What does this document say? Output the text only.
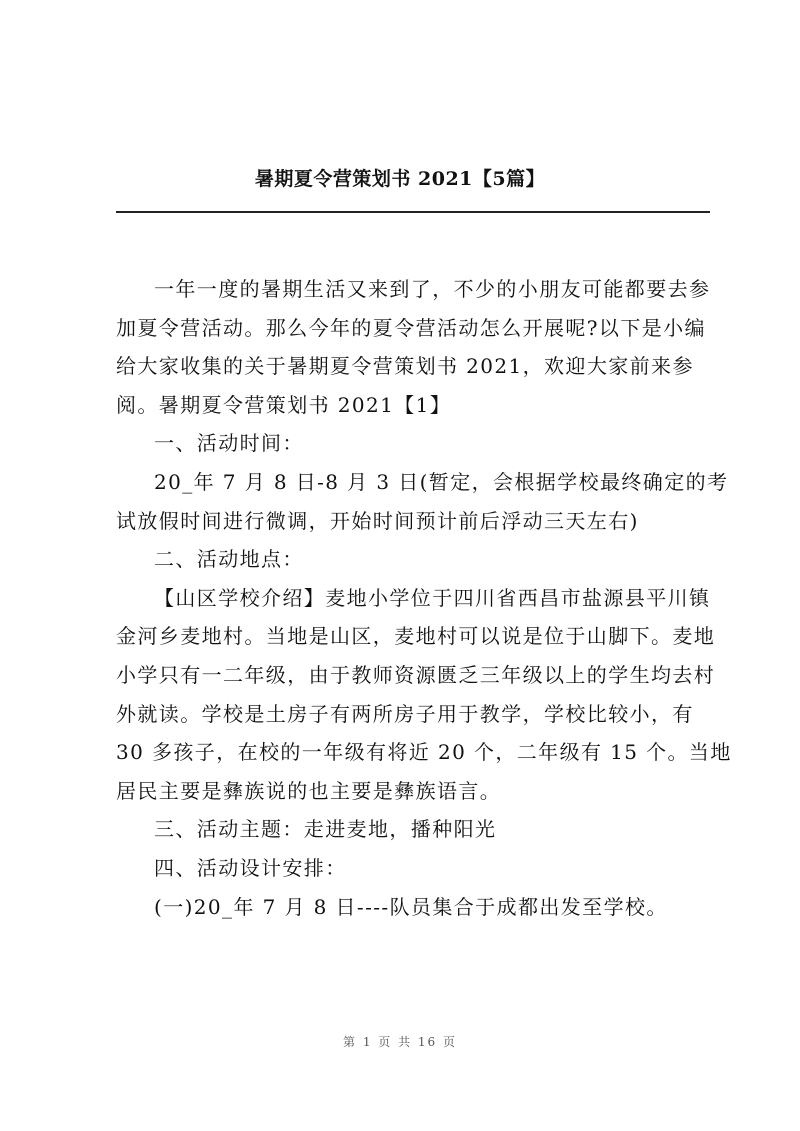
暑期夏令营策划书 2021【5篇】
一年一度的暑期生活又来到了，不少的小朋友可能都要去参
加夏令营活动。那么今年的夏令营活动怎么开展呢?以下是小编
给大家收集的关于暑期夏令营策划书 2021，欢迎大家前来参
阅。暑期夏令营策划书 2021【1】
一、活动时间：
20_年 7 月 8 日-8 月 3 日(暂定，会根据学校最终确定的考
试放假时间进行微调，开始时间预计前后浮动三天左右)
二、活动地点：
【山区学校介绍】麦地小学位于四川省西昌市盐源县平川镇
金河乡麦地村。当地是山区，麦地村可以说是位于山脚下。麦地
小学只有一二年级，由于教师资源匮乏三年级以上的学生均去村
外就读。学校是土房子有两所房子用于教学，学校比较小，有
30 多孩子，在校的一年级有将近 20 个，二年级有 15 个。当地
居民主要是彝族说的也主要是彝族语言。
三、活动主题：走进麦地，播种阳光
四、活动设计安排：
(一)20_年 7 月 8 日----队员集合于成都出发至学校。
第 1 页 共 16 页
